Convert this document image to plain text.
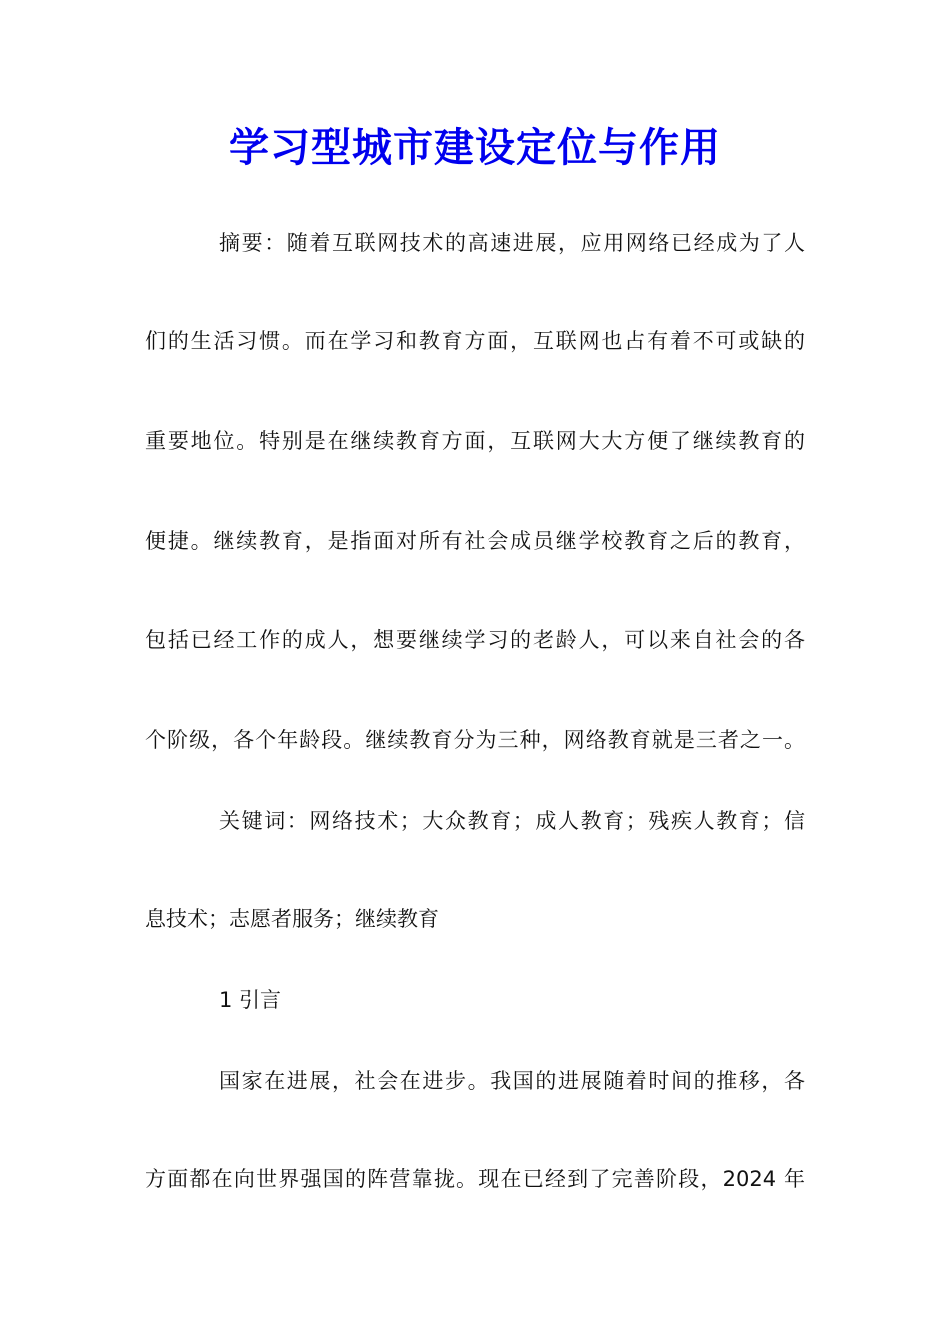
学习型城市建设定位与作用
摘要：随着互联网技术的高速进展，应用网络已经成为了人
们的生活习惯。而在学习和教育方面，互联网也占有着不可或缺的
重要地位。特别是在继续教育方面，互联网大大方便了继续教育的
便捷。继续教育，是指面对所有社会成员继学校教育之后的教育，
包括已经工作的成人，想要继续学习的老龄人，可以来自社会的各
个阶级，各个年龄段。继续教育分为三种，网络教育就是三者之一。
关键词：网络技术；大众教育；成人教育；残疾人教育；信
息技术；志愿者服务；继续教育
1 引言
国家在进展，社会在进步。我国的进展随着时间的推移，各
方面都在向世界强国的阵营靠拢。现在已经到了完善阶段，2024 年
